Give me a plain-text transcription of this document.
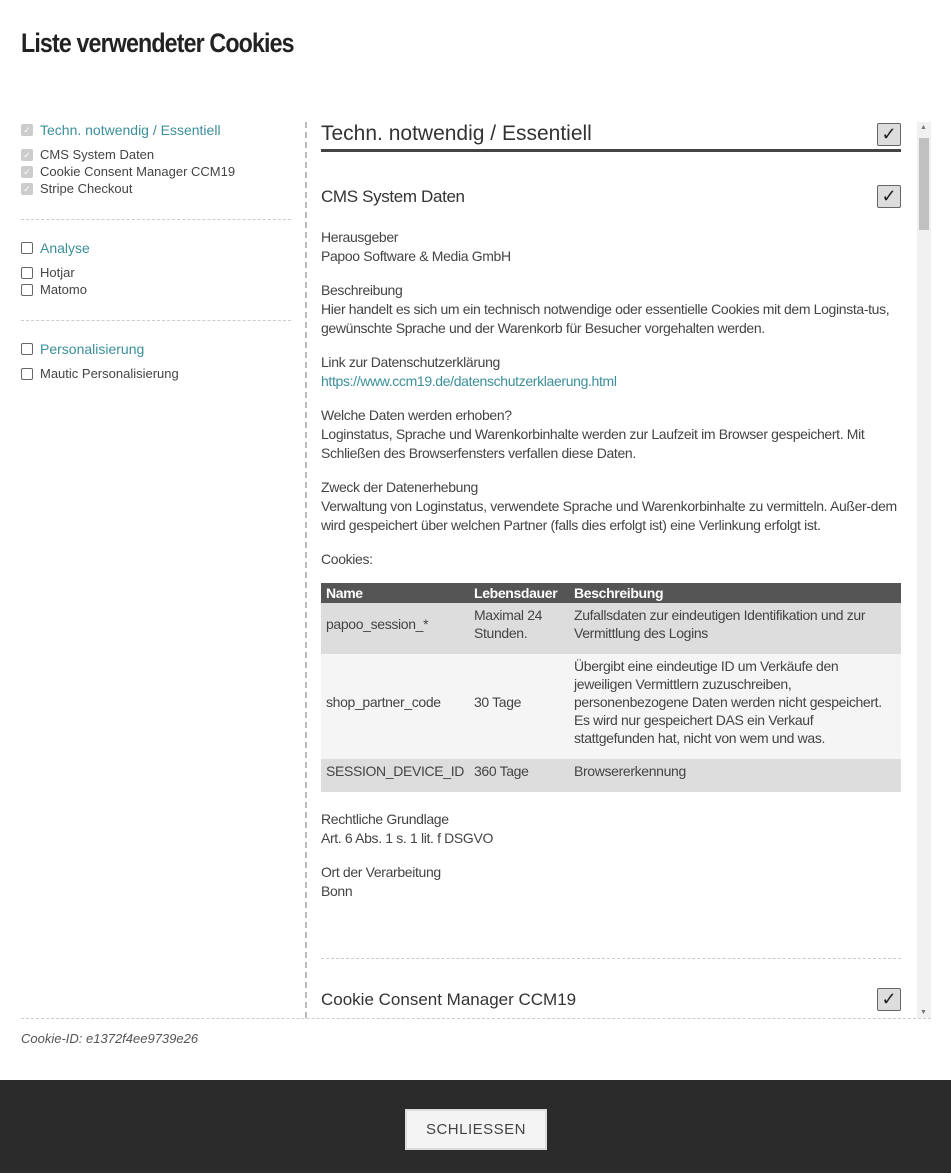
Liste verwendeter Cookies
✓ Techn. notwendig / Essentiell
✓ CMS System Daten
✓ Cookie Consent Manager CCM19
✓ Stripe Checkout
Analyse
Hotjar
Matomo
Personalisierung
Mautic Personalisierung
Techn. notwendig / Essentiell	✓
CMS System Daten	✓
Herausgeber
Papoo Software & Media GmbH
Beschreibung
Hier handelt es sich um ein technisch notwendige oder essentielle Cookies mit dem Loginsta-tus, gewünschte Sprache und der Warenkorb für Besucher vorgehalten werden.
Link zur Datenschutzerklärung
https://www.ccm19.de/datenschutzerklaerung.html
Welche Daten werden erhoben?
Loginstatus, Sprache und Warenkorbinhalte werden zur Laufzeit im Browser gespeichert. Mit Schließen des Browserfensters verfallen diese Daten.
Zweck der Datenerhebung
Verwaltung von Loginstatus, verwendete Sprache und Warenkorbinhalte zu vermitteln. Außer-dem wird gespeichert über welchen Partner (falls dies erfolgt ist) eine Verlinkung erfolgt ist.
Cookies:
Name	Lebensdauer	Beschreibung
papoo_session_*	Maximal 24 Stunden.	Zufallsdaten zur eindeutigen Identifikation und zur Vermittlung des Logins
shop_partner_code	30 Tage	Übergibt eine eindeutige ID um Verkäufe den jeweiligen Vermittlern zuzuschreiben, personenbezogene Daten werden nicht gespeichert. Es wird nur gespeichert DAS ein Verkauf stattgefunden hat, nicht von wem und was.
SESSION_DEVICE_ID	360 Tage	Browsererkennung
Rechtliche Grundlage
Art. 6 Abs. 1 s. 1 lit. f DSGVO
Ort der Verarbeitung
Bonn
Cookie Consent Manager CCM19	✓
▲
▼
Cookie-ID: e1372f4ee9739e26
SCHLIESSEN
